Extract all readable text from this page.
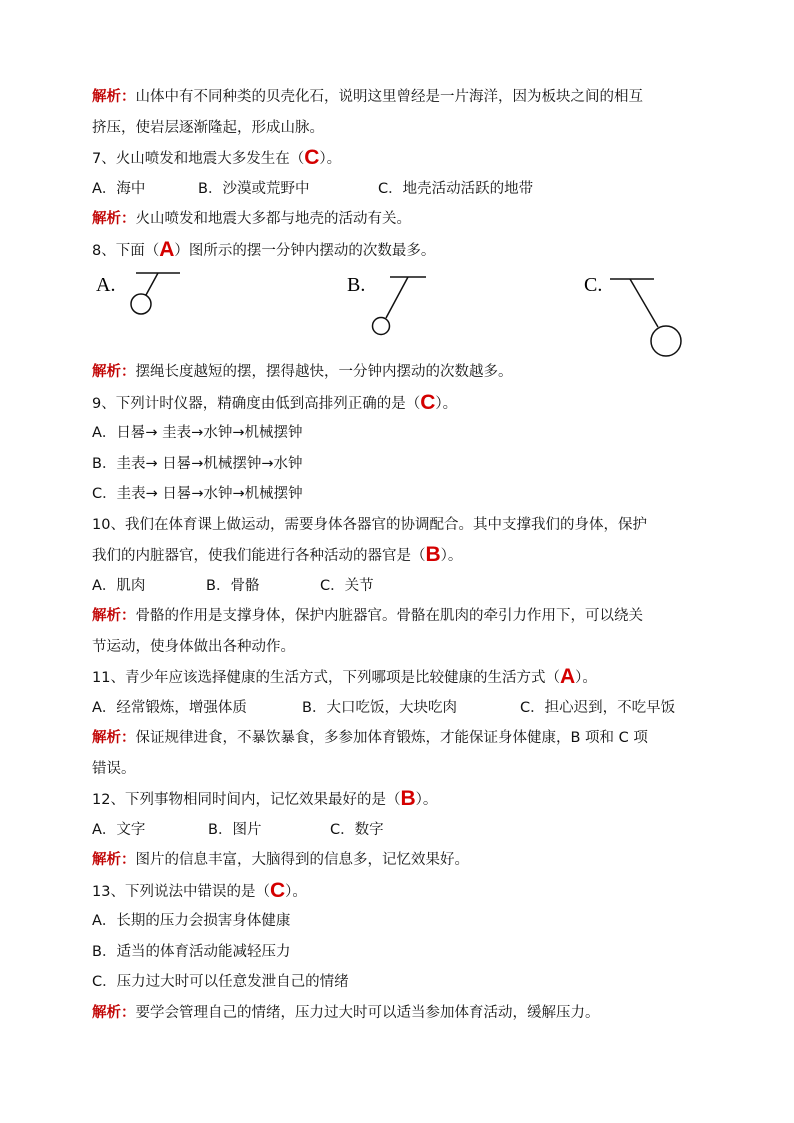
解析：山体中有不同种类的贝壳化石，说明这里曾经是一片海洋，因为板块之间的相互
挤压，使岩层逐渐隆起，形成山脉。
7、火山喷发和地震大多发生在（C）。
A．海中	B．沙漠或荒野中	C．地壳活动活跃的地带
解析：火山喷发和地震大多都与地壳的活动有关。
8、下面（A）图所示的摆一分钟内摆动的次数最多。
A.	B.	C.
解析：摆绳长度越短的摆，摆得越快，一分钟内摆动的次数越多。
9、下列计时仪器，精确度由低到高排列正确的是（C）。
A．日晷→ 圭表→水钟→机械摆钟
B．圭表→ 日晷→机械摆钟→水钟
C．圭表→ 日晷→水钟→机械摆钟
10、我们在体育课上做运动，需要身体各器官的协调配合。其中支撑我们的身体，保护
我们的内脏器官，使我们能进行各种活动的器官是（B）。
A．肌肉	B．骨骼	C．关节
解析：骨骼的作用是支撑身体，保护内脏器官。骨骼在肌肉的牵引力作用下，可以绕关
节运动，使身体做出各种动作。
11、青少年应该选择健康的生活方式，下列哪项是比较健康的生活方式（A）。
A．经常锻炼，增强体质	B．大口吃饭，大块吃肉	C．担心迟到，不吃早饭
解析：保证规律进食，不暴饮暴食，多参加体育锻炼，才能保证身体健康，B 项和 C 项
错误。
12、下列事物相同时间内，记忆效果最好的是（B）。
A．文字	B．图片	C．数字
解析：图片的信息丰富，大脑得到的信息多，记忆效果好。
13、下列说法中错误的是（C）。
A．长期的压力会损害身体健康
B．适当的体育活动能减轻压力
C．压力过大时可以任意发泄自己的情绪
解析：要学会管理自己的情绪，压力过大时可以适当参加体育活动，缓解压力。
